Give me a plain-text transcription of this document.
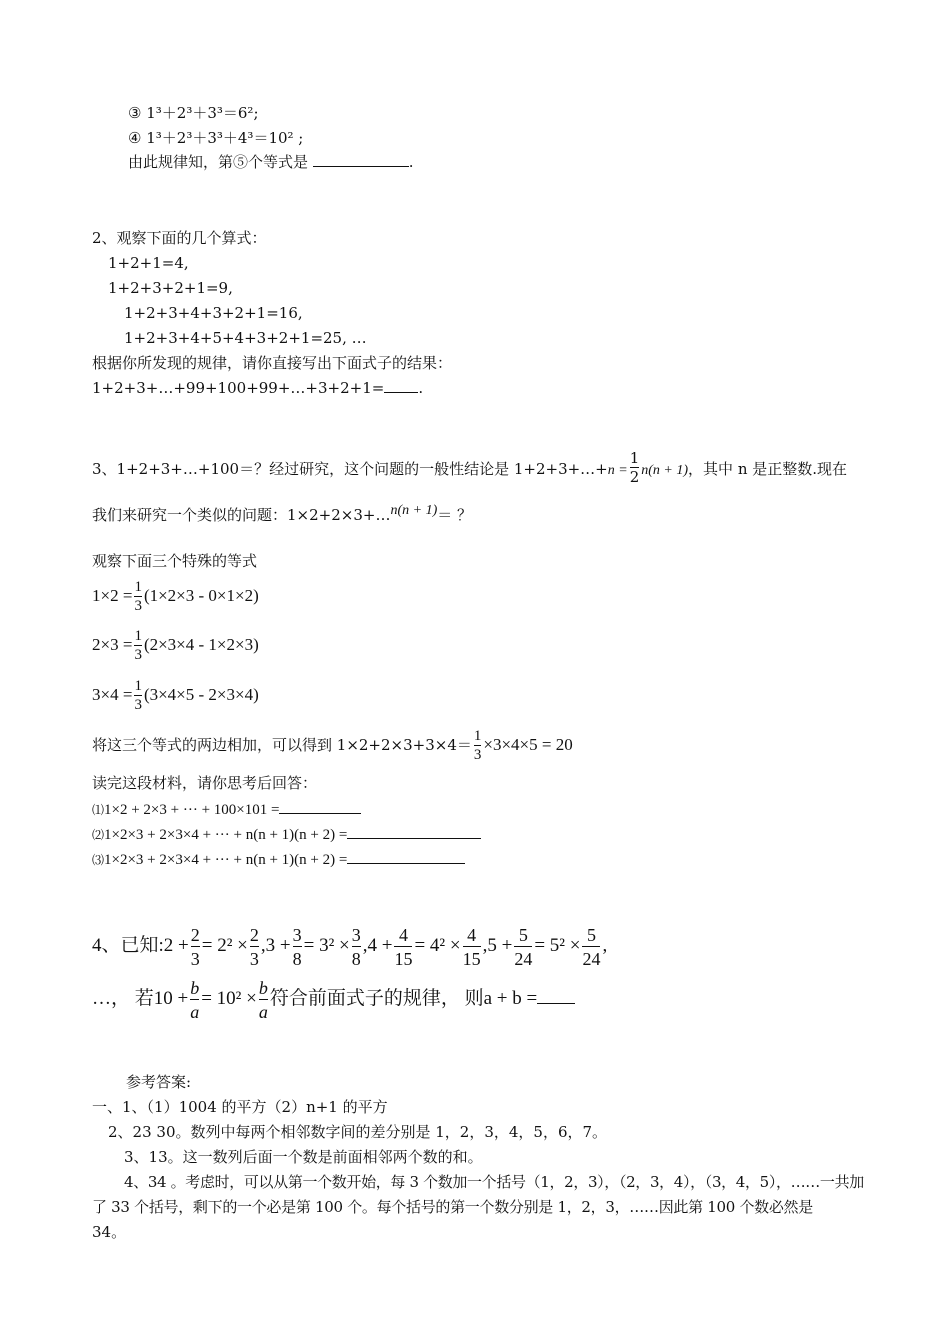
③ 1³＋2³＋3³＝6²;
④ 1³＋2³＋3³＋4³＝10² ;
由此规律知，第⑤个等式是	.
2、观察下面的几个算式：
1+2+1=4,
1+2+3+2+1=9,
1+2+3+4+3+2+1=16,
1+2+3+4+5+4+3+2+1=25, …
根据你所发现的规律，请你直接写出下面式子的结果：
1+2+3+…+99+100+99+…+3+2+1= .
3、1+2+3+…+100＝？经过研究，这个问题的一般性结论是 1+2+3+…+n = $\frac{1}{2} n(n + 1)$，其中 n 是正整数.现在
我们来研究一个类似的问题：1×2+2×3+…n(n + 1)＝ ？
观察下面三个特殊的等式
$1\times 2 = \frac{1}{3} (1\times 2\times 3 - 0\times 1\times 2)$
$2\times 3 = \frac{1}{3} (2\times 3\times 4 - 1\times 2\times 3)$
$3\times 4 = \frac{1}{3} (3\times 4\times 5 - 2\times 3\times 4)$
将这三个等式的两边相加，可以得到 $1\times 2+2\times 3+3\times 4= \frac{1}{3} \times 3\times 4\times 5 = 20$
读完这段材料，请你思考后回答：
⑴1×2 + 2×3 + ··· + 100×101 =
⑵1×2×3 + 2×3×4 + ··· + n(n + 1)(n + 2) =
⑶1×2×3 + 2×3×4 + ··· + n(n + 1)(n + 2) =
4、已知:2 + $\frac{2}{3} = 2^2 \times \frac{2}{3} ,3 + \frac{3}{8} = 3^2 \times \frac{3}{8} ,4 + \frac{4}{15} = 4^2 \times \frac{4}{15} ,5 + \frac{5}{24} = 5^2 \times \frac{5}{24}$ ,
…， 若$10 + \frac{b}{a} = 10^2 \times \frac{b}{a}$ 符合前面式子的规律， 则a + b =
参考答案:
一、1、（1）1004 的平方（2）n+1 的平方
2、23 30。数列中每两个相邻数字间的差分别是 1，2，3，4，5，6，7。
3、13。这一数列后面一个数是前面相邻两个数的和。
4、34 。考虑时，可以从第一个数开始，每 3 个数加一个括号（1，2，3），（2，3，4），（3，4，5），……一共加
了 33 个括号，剩下的一个必是第 100 个。每个括号的第一个数分别是 1，2，3，……因此第 100 个数必然是
34。
